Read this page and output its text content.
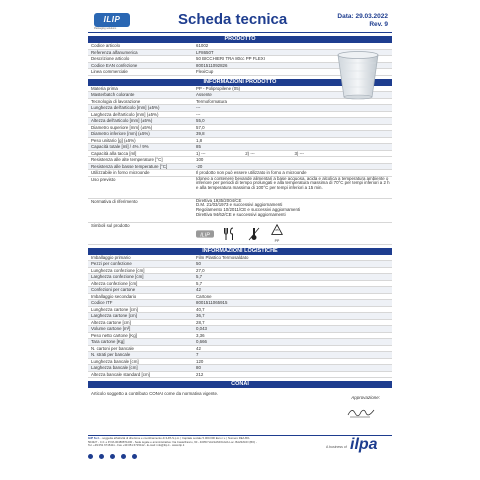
ILIP
Packaging solutions
Scheda tecnica	Data: 29.03.2022
Rev. 9
PRODOTTO
Codice articolo	61002
Referenza alfanumerica	LF8650T
Descrizione articolo	50 BICCHIERI TRA 80cc PP FLEXI
Codice EAN confezione	8001511092826
Linea commerciale	FlexiCup
INFORMAZIONI PRODOTTO
Materia prima	PP - Polipropilene (05)
Masterbatch colorante	Assente
Tecnologia di lavorazione	Termoformatura
Lunghezza dell'articolo [mm] (±5%)	---
Larghezza dell'articolo [mm] (±5%)	---
Altezza dell'articolo [mm] (±5%)	55,0
Diametro superiore [mm] (±5%)	57,0
Diametro inferiore [mm] (±5%)	39,8
Peso unitario [g] (±5%)	1,8
Capacità totale [ml] / 4% / 9%	85
Capacità alla tacca [ml]	1) ---	2) ---	3) ---
Resistenza alle alte temperature [°C]	100
Resistenza alle basse temperature [°C]	-20
Utilizzabile in forno microonde	Il prodotto non può essere utilizzato in forno a microonde
Uso previsto	Idoneo a contenere bevande alimentari a base acquosa, acida e alcolica a temperatura ambiente o inferiore per periodi di tempo prolungati e alla temperatura massima di 70°C per tempi inferiori a 2 h e alla temperatura massima di 100°C per tempi inferiori a 15 min.
Normativa di riferimento	Direttiva 1935/2004/CE
D.M. 21/03/1973 e successivi aggiornamenti
Regolamento 10/2011/CE e successivi aggiornamenti
Direttiva 94/62/CE e successivi aggiornamenti
Simboli sul prodotto
ILIP
05
PP
INFORMAZIONI LOGISTICHE
Imballaggio primario	Film Plastico Termosaldato
Pezzi per confezione	50
Lunghezza confezione [cm]	27,0
Larghezza confezione [cm]	5,7
Altezza confezione [cm]	5,7
Confezioni per cartone	42
Imballaggio secondario	Cartone
Codice ITF	8001511065915
Lunghezza cartone [cm]	40,7
Larghezza cartone [cm]	36,7
Altezza cartone [cm]	28,7
Volume cartone [m³]	0,043
Peso netto cartone [Kg]	3,36
Tara cartone [Kg]	0,666
N. cartoni per bancale	42
N. strati per bancale	7
Lunghezza bancale [cm]	120
Larghezza bancale [cm]	80
Altezza bancale standard [cm]	212
CONAI
Articolo soggetto a contributo CONAI come da normativa vigente.
Approvazione:
ILIP S.r.l. - soggetta all'attività di direzione e coordinamento di ILPA S.p.A. | Capitale sociale 5.000.000 Euro i.v. | Numero REA BO-504327 - C.F. e P.IVA 00486871200 - Sede legale e amministrativa: Via Castelfranco, 60 - 40053 VALSAMOGGIA Loc. BAZZANO (BO) - Tel. +39 051 6715411 - Fax +39 051 6715412 - E-mail: info@ilip.it - www.ilip.it	A business of ilpa
